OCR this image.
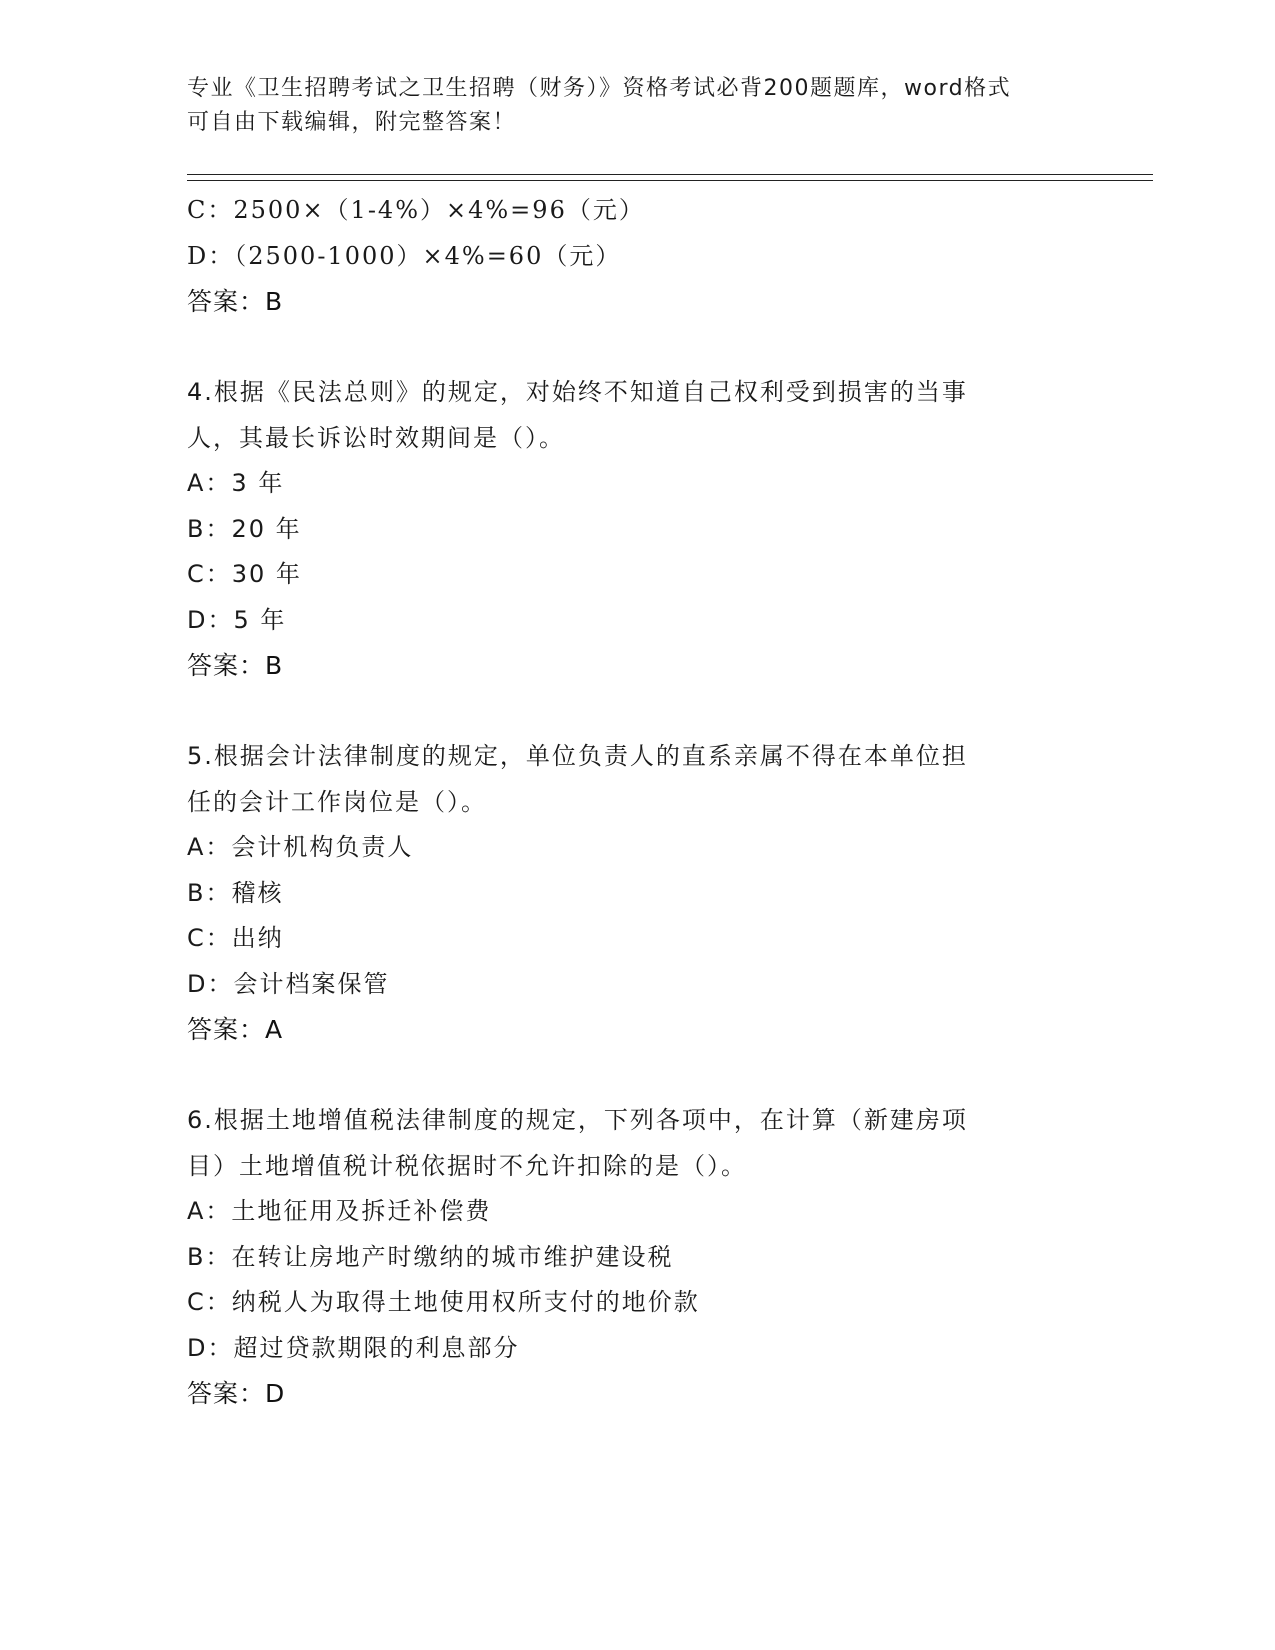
专业《卫生招聘考试之卫生招聘（财务）》资格考试必背200题题库，word格式
可自由下载编辑，附完整答案！
C：2500×（1-4%）×4%=96（元）
D：（2500-1000）×4%=60（元）
答案：B
4.根据《民法总则》的规定，对始终不知道自己权利受到损害的当事
人，其最长诉讼时效期间是（）。
A：3 年
B：20 年
C：30 年
D：5 年
答案：B
5.根据会计法律制度的规定，单位负责人的直系亲属不得在本单位担
任的会计工作岗位是（）。
A：会计机构负责人
B：稽核
C：出纳
D：会计档案保管
答案：A
6.根据土地增值税法律制度的规定，下列各项中，在计算（新建房项
目）土地增值税计税依据时不允许扣除的是（）。
A：土地征用及拆迁补偿费
B：在转让房地产时缴纳的城市维护建设税
C：纳税人为取得土地使用权所支付的地价款
D：超过贷款期限的利息部分
答案：D
